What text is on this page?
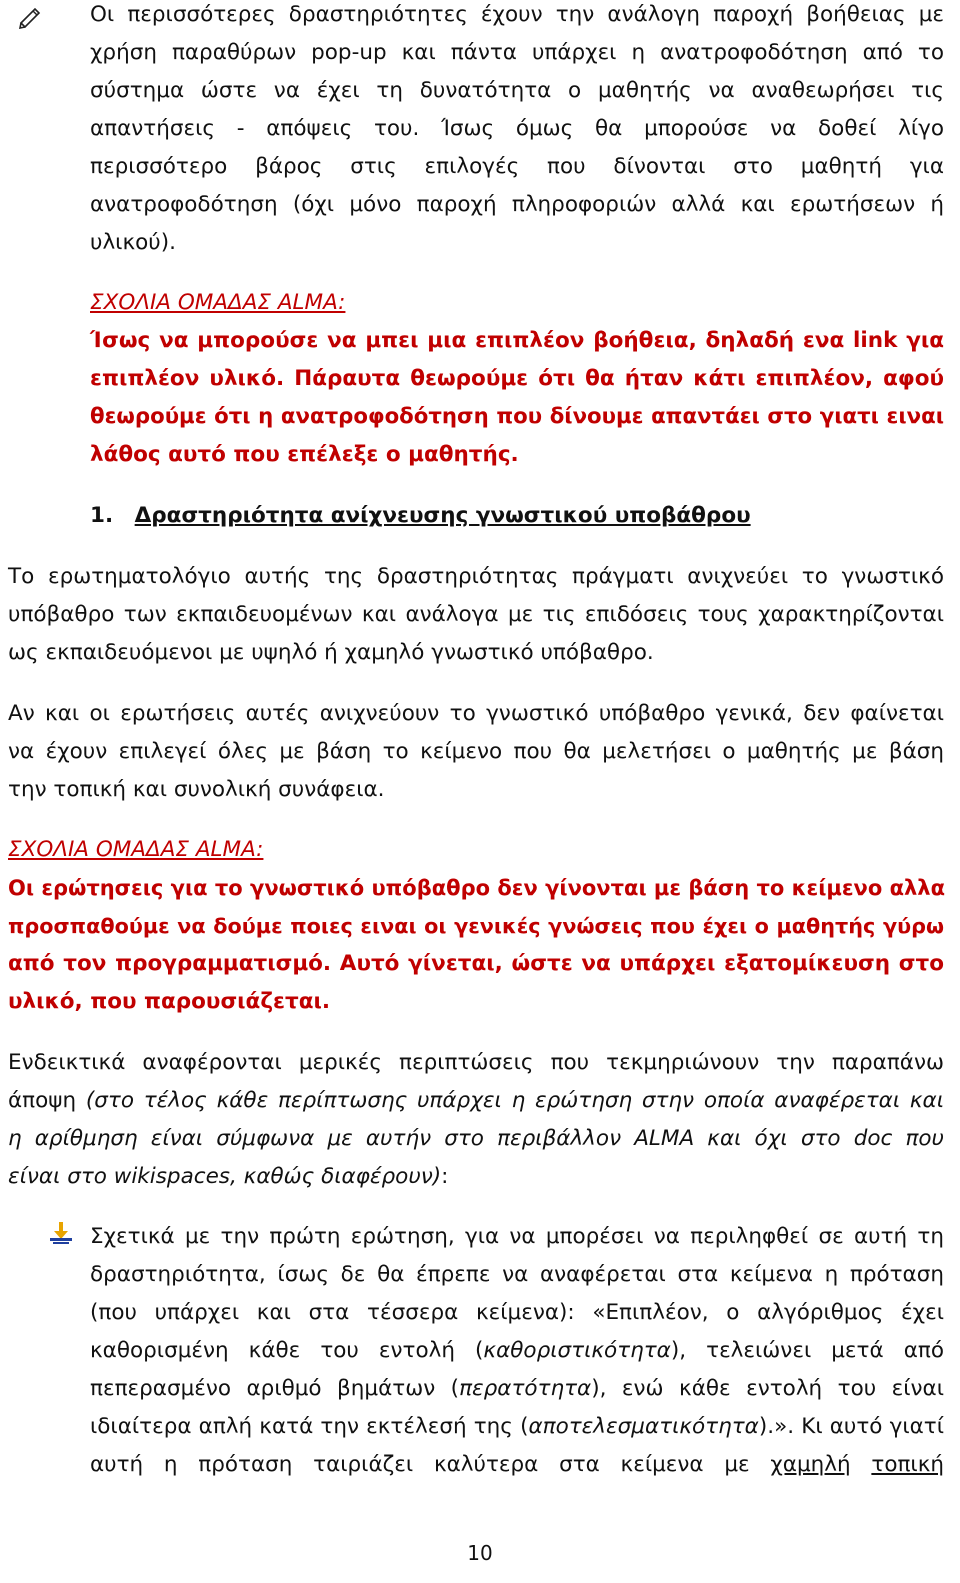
Οι περισσότερες δραστηριότητες έχουν την ανάλογη παροχή βοήθειας με
χρήση παραθύρων pop-up και πάντα υπάρχει η ανατροφοδότηση από το
σύστημα ώστε να έχει τη δυνατότητα ο μαθητής να αναθεωρήσει τις
απαντήσεις - απόψεις του. Ίσως όμως θα μπορούσε να δοθεί λίγο
περισσότερο βάρος στις επιλογές που δίνονται στο μαθητή για
ανατροφοδότηση (όχι μόνο παροχή πληροφοριών αλλά και ερωτήσεων ή
υλικού).
ΣΧΟΛΙΑ ΟΜΑΔΑΣ ALMA:
Ίσως να μπορούσε να μπει μια επιπλέον βοήθεια, δηλαδή ενα link για
επιπλέον υλικό. Πάραυτα θεωρούμε ότι θα ήταν κάτι επιπλέον, αφού
θεωρούμε ότι η ανατροφοδότηση που δίνουμε απαντάει στο γιατι ειναι
λάθος αυτό που επέλεξε ο μαθητής.
1. Δραστηριότητα ανίχνευσης γνωστικού υποβάθρου
Το ερωτηματολόγιο αυτής της δραστηριότητας πράγματι ανιχνεύει το γνωστικό
υπόβαθρο των εκπαιδευομένων και ανάλογα με τις επιδόσεις τους χαρακτηρίζονται
ως εκπαιδευόμενοι με υψηλό ή χαμηλό γνωστικό υπόβαθρο.
Αν και οι ερωτήσεις αυτές ανιχνεύουν το γνωστικό υπόβαθρο γενικά, δεν φαίνεται
να έχουν επιλεγεί όλες με βάση το κείμενο που θα μελετήσει ο μαθητής με βάση
την τοπική και συνολική συνάφεια.
ΣΧΟΛΙΑ ΟΜΑΔΑΣ ALMA:
Οι ερώτησεις για το γνωστικό υπόβαθρο δεν γίνονται με βάση το κείμενο αλλα
προσπαθούμε να δούμε ποιες ειναι οι γενικές γνώσεις που έχει ο μαθητής γύρω
από τον προγραμματισμό. Αυτό γίνεται, ώστε να υπάρχει εξατομίκευση στο
υλικό, που παρουσιάζεται.
Ενδεικτικά αναφέρονται μερικές περιπτώσεις που τεκμηριώνουν την παραπάνω
άποψη (στο τέλος κάθε περίπτωσης υπάρχει η ερώτηση στην οποία αναφέρεται και
η αρίθμηση είναι σύμφωνα με αυτήν στο περιβάλλον ALMA και όχι στο doc που
είναι στο wikispaces, καθώς διαφέρουν):
Σχετικά με την πρώτη ερώτηση, για να μπορέσει να περιληφθεί σε αυτή τη
δραστηριότητα, ίσως δε θα έπρεπε να αναφέρεται στα κείμενα η πρόταση
(που υπάρχει και στα τέσσερα κείμενα): «Επιπλέον, ο αλγόριθμος έχει
καθορισμένη κάθε του εντολή (καθοριστικότητα), τελειώνει μετά από
πεπερασμένο αριθμό βημάτων (περατότητα), ενώ κάθε εντολή του είναι
ιδιαίτερα απλή κατά την εκτέλεσή της (αποτελεσματικότητα).». Κι αυτό γιατί
αυτή η πρόταση ταιριάζει καλύτερα στα κείμενα με χαμηλή τοπική
10
